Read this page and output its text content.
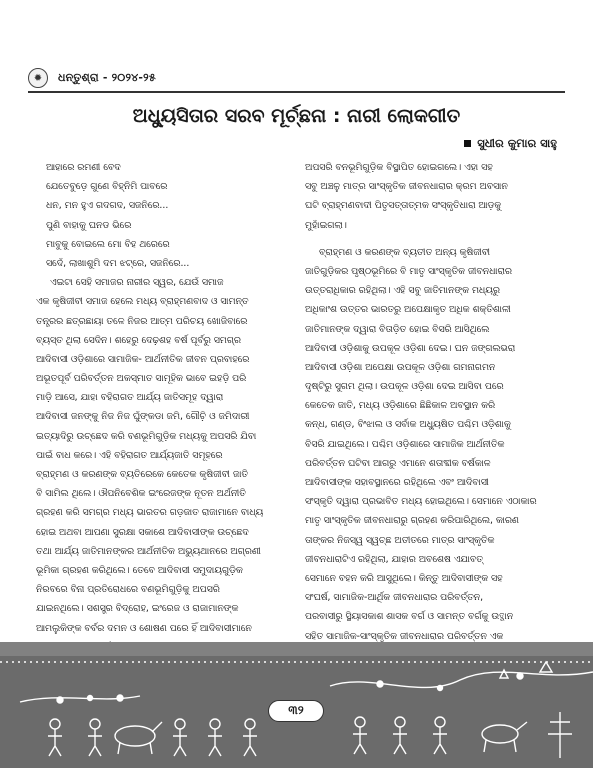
✹	ଧନ୍ତୁଶ୍ରା - ୨୦୨୪-୨୫
ଅଧ୍ୟୁସିତାର ସରବ ମୂର୍ଚ୍ଛନା : ନାରୀ ଲୋକଗୀତ
ସୁଧୀର କୁମାର ସାହୁ
ଆହାରେ ରମଣୀ ବେଦ
ଯେତେବୁଡ଼େ ଗୁଣେ ବିହ୍ନିମି ପାବରେ
ଧନ, ମନ ହୁଏ ଗଦଗଦ, ସଜନିରେ...
ପୁଣି ବାହାକୁ ଘନଡ ଭିରେ
ମାବୁକୁ ବୋଇଲେ ମୋ ବିହ ଥରେରେ
ସଦେଁ, ଲାଖାଶୁମି ଦମ ଝଟ୍ରେ, ସଜନିରେ...
ଏଇଟା ସେହି ସମାଜର ନାରୀର ସ୍ୱର, ଯେଉଁ ସମାଜ
ଏକ କୃଷିଜୀବୀ ସମାଜ ହେଲେ ମଧ୍ୟ ବ୍ରାହ୍ମଣବାଦ ଓ ସାମନ୍ତ
ତନ୍ତ୍ରର ଛତ୍ରଛାୟା ତଳେ ନିଜର ଆତ୍ମ ପରିଚୟ ଖୋଜିବାରେ
ବ୍ୟସ୍ତ ଥିଲା ସେଦିନ। ଶହେରୁ ଦେଢ଼ଶହ ବର୍ଷ ପୂର୍ବରୁ ସମଗ୍ର
ଆଦିବାସୀ ଓଡ଼ିଶାରେ ସାମାଜିକ- ଆର୍ଥନୀତିକ ଜୀବନ ପ୍ରବାହରେ
ଅଭୂତପୂର୍ବ ପରିବର୍ତ୍ତନ ଅକସ୍ମାତ ସାମୂହିକ ଭାବେ ଇହଡ଼ି ପରି
ମାଡ଼ି ଆସେ, ଯାହା ବହିରାଗତ ଆର୍ଯ୍ୟ ଜାତିସମୂହ ଦ୍ୱାରା
ଆଦିବାସୀ ଜନଙ୍କୁ ନିଜ ନିଜ ଘୁଁଙ୍କଡା ଜମି, ଗୌଚ଼ି ଓ ଜମିଦାରୀ
ଇତ୍ୟାଦିରୁ ଉଚ୍ଛେଦ କରି ବଣଭୂମିଗୁଡ଼ିକ ମଧ୍ୟକୁ ଅପସରି ଯିବା
ପାଇଁ ବାଧ କରେ। ଏହି ବହିରାଗତ ଆର୍ଯ୍ୟଜାତି ସମୂହରେ
ବ୍ରାହ୍ମଣ ଓ କରଣଙ୍କ ବ୍ୟତିରେକେ କେତେକ କୃଷିଜୀବୀ ଜାତି
ବି ସାମିଲ ଥିଲେ। ଔପନିବେଶିକ ଇଂରେଜଙ୍କ ନୂତନ ଅର୍ଥନୀତି
ଗ୍ରହଣ କରି ସମଗ୍ର ମଧ୍ୟ ଭାରତର ଗଡ଼ଜାତ ରାଜାମାନେ ବାଧ୍ୟ
ହୋଇ ଅଥବା ଆପଣା ସୁରକ୍ଷା ସକାଶେ ଆଦିବାସୀଙ୍କ ଉଚ୍ଛେଦ
ତଥା ଆର୍ଯ୍ୟ ଜାତିମାନଙ୍କର ଆର୍ଥନୀତିକ ଅଭ୍ୟୁଥାନରେ ଅଗ୍ରଣୀ
ଭୂମିକା ଗ୍ରହଣ କରିଥିଲେ। ତେବେ ଆଦିବାସୀ ସମୁଦାୟଗୁଡ଼ିକ
ନିରବରେ ବିନା ପ୍ରତିରୋଧରେ ବଣଭୂମିଗୁଡ଼ିକୁ ଅପସରି
ଯାଇନଥିଲେ। ସଶସ୍ତ୍ର ବିଦ୍ରୋହ, ଇଂରେଜ ଓ ରାଜାମାନଙ୍କ
ଆମଲୁକିଙ୍କ ବର୍ବର ଦମନ ଓ ଶୋଷଣ ପରେ ହିଁ ଆଦିବାସୀମାନେ
ଅପସରି ବନଭୂମିଗୁଡ଼ିକ ବିସ୍ଥାପିତ ହୋଇଗଲେ। ଏହା ସହ
ସବୁ ଅଞ୍ଚଳୁ ମାତ୍ର ସାଂସ୍କୃତିକ ଜୀବନଧାରାର କ୍ରମ ଅବସାନ
ଘଟି ବ୍ରାହ୍ମଣବାଦୀ ପିତୃସତ୍ତାତ୍ମକ ସଂସ୍କୃତିଧାରା ଆଡ଼କୁ
ମୁହାଁଇଗଲା।
ବ୍ରାହ୍ମଣ ଓ କରଣଙ୍କ ବ୍ୟତୀତ ଅନ୍ୟ କୃଷିଜୀବୀ
ଜାତିଗୁଡ଼ିକର ପୃଷ୍ଠଭୂମିରେ ବି ମାତୃ ସାଂସ୍କୃତିକ ଜୀବନଧାରାର
ଉତ୍ତରାଧିକାର ରହିଥିଲା। ଏହି ସବୁ ଜାତିମାନଙ୍କ ମଧ୍ୟରୁ
ଅଧିକାଂଶ ଉତ୍ତର ଭାରତରୁ ଅପେକ୍ଷାକୃତ ଅଧିକ ଶକ୍ତିଶାଳୀ
ଜାତିମାନଙ୍କ ଦ୍ୱାରା ବିତାଡ଼ିତ ହୋଇ ବିସରି ଆସିଥିଲେ
ଆଦିବାସୀ ଓଡ଼ିଶାକୁ ଉପକୂଳ ଓଡ଼ିଶା ଦେଇ। ଘନ ଜଙ୍ଗଲଭରା
ଆଦିବାସୀ ଓଡ଼ିଶା ଅପେକ୍ଷା ଉପକୂଳ ଓଡ଼ିଶା ଗମନାଗମନ
ଦୃଷ୍ଟିରୁ ସୁଗମ ଥିଲା। ଉପକୂଳ ଓଡ଼ିଶା ଦେଇ ଆସିବା ପରେ
କେତେକ ଜାତି, ମଧ୍ୟ ଓଡ଼ିଶାରେ ଛିଛିକାଳ ଅବସ୍ଥାନ କରି
କନ୍ଧ, ଗଣ୍ଡ, ବିଂଝାଲ ଓ ସର୍ବାକ ଅଧ୍ୟୁଷିତ ପଶ୍ଚିମ ଓଡ଼ିଶାକୁ
ବିସରି ଯାଇଥିଲେ। ପଶ୍ଚିମ ଓଡ଼ିଶାରେ ସାମାଜିକ ଆର୍ଥନୀତିକ
ପରିବର୍ତ୍ତନ ଘଟିବା ଆଗରୁ ଏମାନେ ଶତାବ୍ଦୀକ ବର୍ଷକାଳ
ଆଦିବାସୀଙ୍କ ସହାବସ୍ଥାନରେ ରହିଥିଲେ ଏବଂ ଆଦିବାସୀ
ସଂସ୍କୃତି ଦ୍ୱାରା ପ୍ରଭାବିତ ମଧ୍ୟ ହୋଇଥିଲେ। ସେମାନେ ଏଠାକାର
ମାତୃ ସାଂସ୍କୃତିକ ଜୀବନଧାରାରୁ ଗ୍ରହଣ କରିପାରିଥିଲେ, କାରଣ
ତାଙ୍କର ନିଜସ୍ୱ ସ୍ୱଚ୍ଛ ଅତୀତରେ ମାତ୍ର ସାଂସ୍କୃତିକ
ଜୀବନଧାରାଟିଏ ରହିଥିଲା, ଯାହାର ଅବଶେଷ ଏଯାବତ୍
ସେମାନେ ବହନ କରି ଆସୁଥିଲେ। କିନ୍ତୁ ଆଦିବାସୀଙ୍କ ସହ
ସଂଘର୍ଷ, ସାମାଜିକ-ଆର୍ଥିକ ଜୀବନଧାରାର ପରିବର୍ତ୍ତନ,
ପରବାସୀରୁ ସ୍ଥିୟାସକାଶ ଶାସକ ବର୍ଗ ଓ ସାମନ୍ତ ବର୍ଗକୁ ଉତ୍ଥାନ
ସହିତ ସାମାଜିକ-ସାଂସ୍କୃତିକ ଜୀବନଧାରାର ପରିବର୍ତ୍ତନ ଏକ
୩୨
